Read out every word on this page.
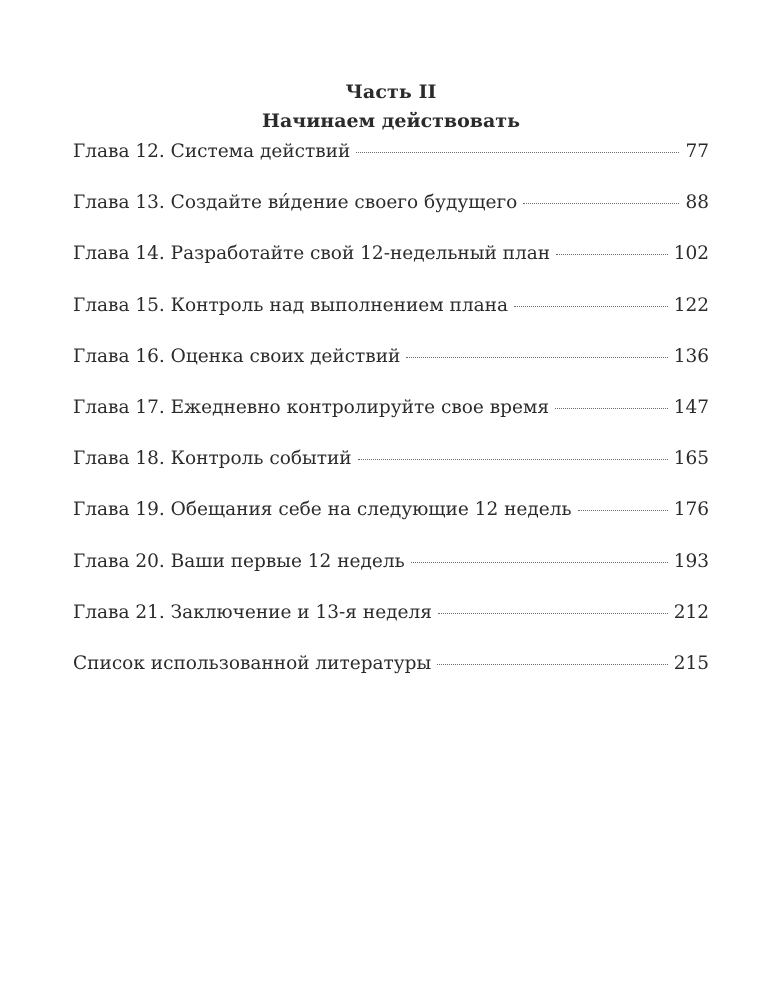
Часть II
Начинаем действовать
Глава 12. Система действий	77
Глава 13. Создайте ви́дение своего будущего	88
Глава 14. Разработайте свой 12-недельный план	102
Глава 15. Контроль над выполнением плана	122
Глава 16. Оценка своих действий	136
Глава 17. Ежедневно контролируйте свое время	147
Глава 18. Контроль событий	165
Глава 19. Обещания себе на следующие 12 недель	176
Глава 20. Ваши первые 12 недель	193
Глава 21. Заключение и 13-я неделя	212
Список использованной литературы	215
